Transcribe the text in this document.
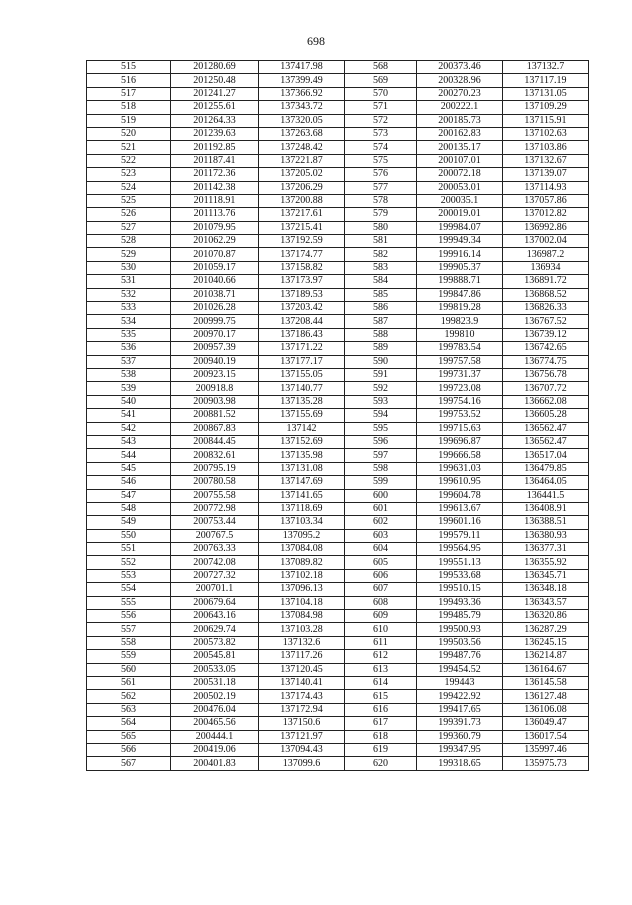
698
515	201280.69	137417.98	568	200373.46	137132.7
516	201250.48	137399.49	569	200328.96	137117.19
517	201241.27	137366.92	570	200270.23	137131.05
518	201255.61	137343.72	571	200222.1	137109.29
519	201264.33	137320.05	572	200185.73	137115.91
520	201239.63	137263.68	573	200162.83	137102.63
521	201192.85	137248.42	574	200135.17	137103.86
522	201187.41	137221.87	575	200107.01	137132.67
523	201172.36	137205.02	576	200072.18	137139.07
524	201142.38	137206.29	577	200053.01	137114.93
525	201118.91	137200.88	578	200035.1	137057.86
526	201113.76	137217.61	579	200019.01	137012.82
527	201079.95	137215.41	580	199984.07	136992.86
528	201062.29	137192.59	581	199949.34	137002.04
529	201070.87	137174.77	582	199916.14	136987.2
530	201059.17	137158.82	583	199905.37	136934
531	201040.66	137173.97	584	199888.71	136891.72
532	201038.71	137189.53	585	199847.86	136868.52
533	201026.28	137203.42	586	199819.28	136826.33
534	200999.75	137208.44	587	199823.9	136767.52
535	200970.17	137186.43	588	199810	136739.12
536	200957.39	137171.22	589	199783.54	136742.65
537	200940.19	137177.17	590	199757.58	136774.75
538	200923.15	137155.05	591	199731.37	136756.78
539	200918.8	137140.77	592	199723.08	136707.72
540	200903.98	137135.28	593	199754.16	136662.08
541	200881.52	137155.69	594	199753.52	136605.28
542	200867.83	137142	595	199715.63	136562.47
543	200844.45	137152.69	596	199696.87	136562.47
544	200832.61	137135.98	597	199666.58	136517.04
545	200795.19	137131.08	598	199631.03	136479.85
546	200780.58	137147.69	599	199610.95	136464.05
547	200755.58	137141.65	600	199604.78	136441.5
548	200772.98	137118.69	601	199613.67	136408.91
549	200753.44	137103.34	602	199601.16	136388.51
550	200767.5	137095.2	603	199579.11	136380.93
551	200763.33	137084.08	604	199564.95	136377.31
552	200742.08	137089.82	605	199551.13	136355.92
553	200727.32	137102.18	606	199533.68	136345.71
554	200701.1	137096.13	607	199510.15	136348.18
555	200679.64	137104.18	608	199493.36	136343.57
556	200643.16	137084.98	609	199485.79	136320.86
557	200629.74	137103.28	610	199500.93	136287.29
558	200573.82	137132.6	611	199503.56	136245.15
559	200545.81	137117.26	612	199487.76	136214.87
560	200533.05	137120.45	613	199454.52	136164.67
561	200531.18	137140.41	614	199443	136145.58
562	200502.19	137174.43	615	199422.92	136127.48
563	200476.04	137172.94	616	199417.65	136106.08
564	200465.56	137150.6	617	199391.73	136049.47
565	200444.1	137121.97	618	199360.79	136017.54
566	200419.06	137094.43	619	199347.95	135997.46
567	200401.83	137099.6	620	199318.65	135975.73
